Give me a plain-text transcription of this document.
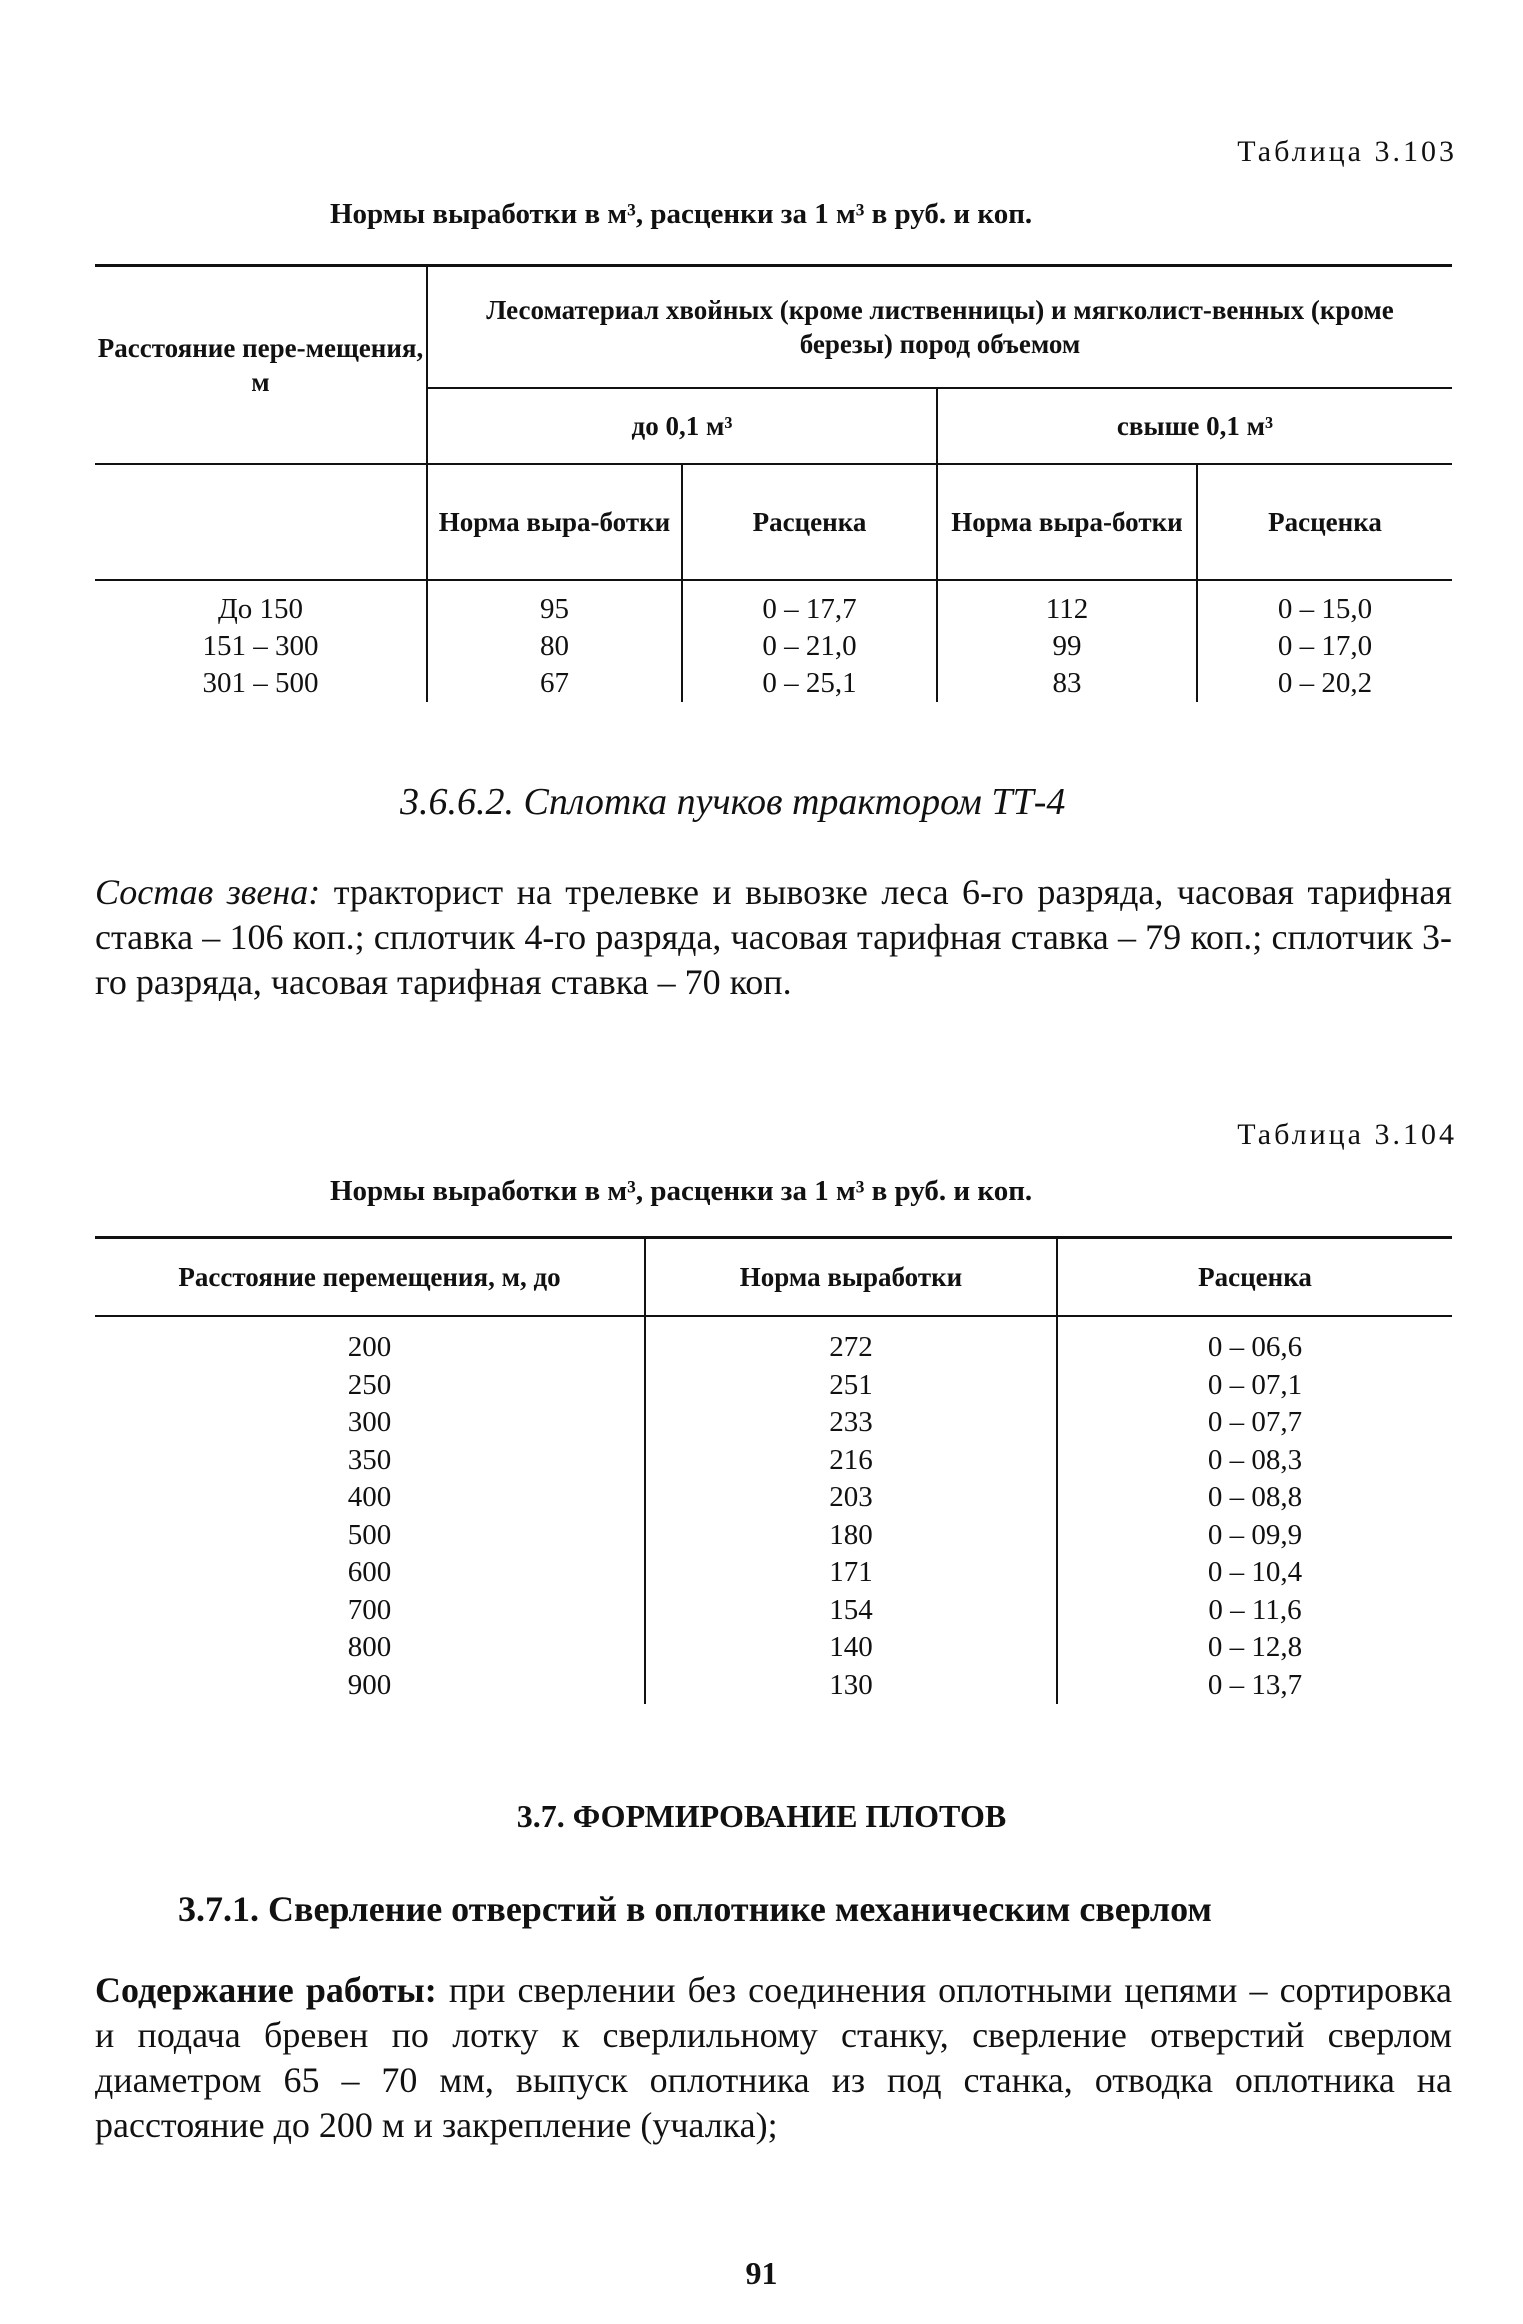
Таблица 3.103
Нормы выработки в м³, расценки за 1 м³ в руб. и коп.
Расстояние пере-мещения, м	Лесоматериал хвойных (кроме лиственницы) и мягколист-венных (кроме березы) пород объемом			
	до 0,1 м³		свыше 0,1 м³	
	Норма выра-ботки	Расценка	Норма выра-ботки	Расценка
До 150	95	0 – 17,7	112	0 – 15,0
151 – 300	80	0 – 21,0	99	0 – 17,0
301 – 500	67	0 – 25,1	83	0 – 20,2
3.6.6.2. Сплотка пучков трактором ТТ-4
Состав звена: тракторист на трелевке и вывозке леса 6-го разряда, часовая тарифная ставка – 106 коп.; сплотчик 4-го разряда, часовая тарифная ставка – 79 коп.; сплотчик 3-го разряда, часовая тарифная ставка – 70 коп.
Таблица 3.104
Нормы выработки в м³, расценки за 1 м³ в руб. и коп.
Расстояние перемещения, м, до	Норма выработки	Расценка
200	272	0 – 06,6
250	251	0 – 07,1
300	233	0 – 07,7
350	216	0 – 08,3
400	203	0 – 08,8
500	180	0 – 09,9
600	171	0 – 10,4
700	154	0 – 11,6
800	140	0 – 12,8
900	130	0 – 13,7
3.7. ФОРМИРОВАНИЕ ПЛОТОВ
3.7.1. Сверление отверстий в оплотнике механическим сверлом
Содержание работы: при сверлении без соединения оплотными цепями – сортировка и подача бревен по лотку к сверлильному станку, сверление отверстий сверлом диаметром 65 – 70 мм, выпуск оплотника из под станка, отводка оплотника на расстояние до 200 м и закрепление (учалка);
91
